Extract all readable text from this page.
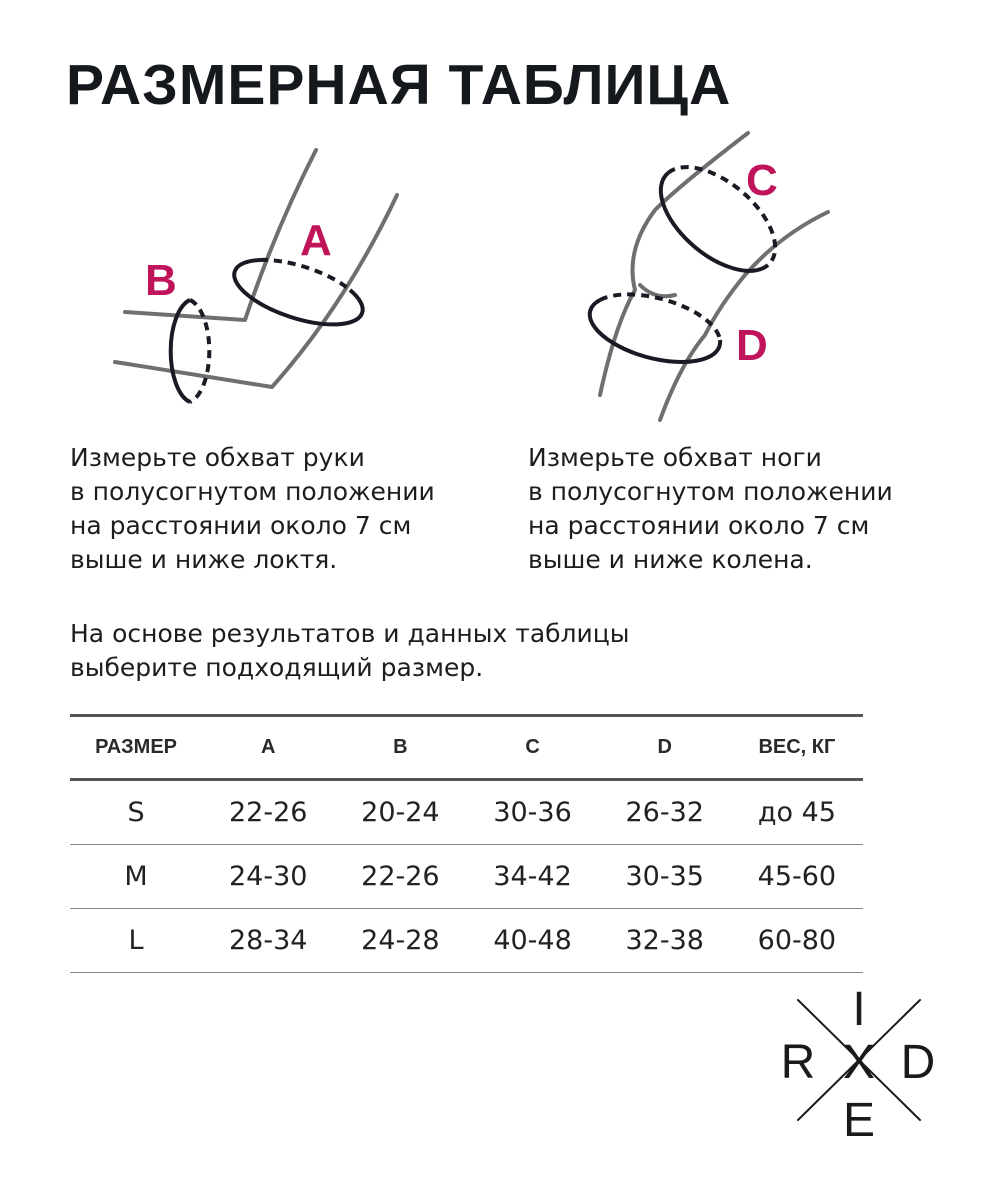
РАЗМЕРНАЯ ТАБЛИЦА
A
B
C
D
Измерьте обхват руки
в полусогнутом положении
на расстоянии около 7 см
выше и ниже локтя.
Измерьте обхват ноги
в полусогнутом положении
на расстоянии около 7 см
выше и ниже колена.
На основе результатов и данных таблицы
выберите подходящий размер.
РАЗМЕР	A	B	C	D	ВЕС, КГ
S	22-26	20-24	30-36	26-32	до 45
M	24-30	22-26	34-42	30-35	45-60
L	28-34	24-28	40-48	32-38	60-80
I
R X D
E
